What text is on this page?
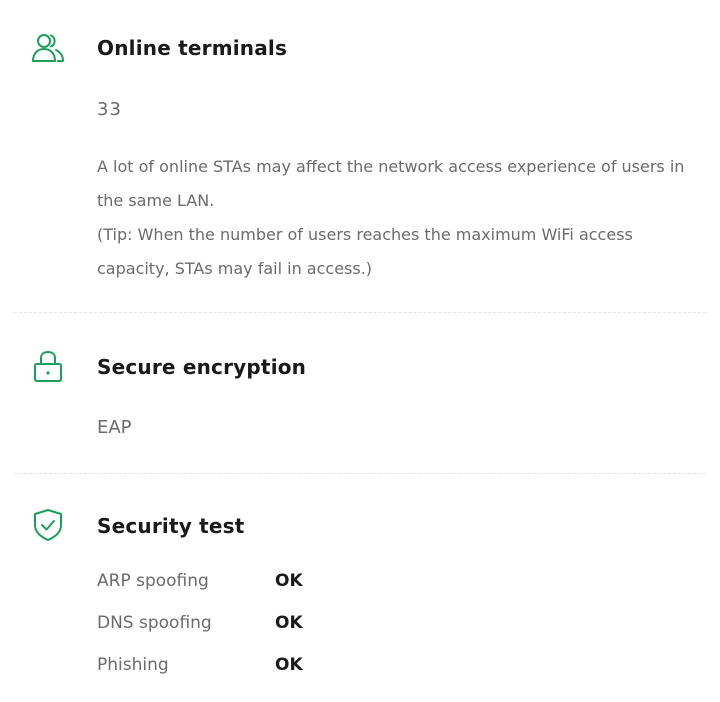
Online terminals
33

A lot of online STAs may affect the network access experience of users in the same LAN.

(Tip: When the number of users reaches the maximum WiFi access capacity, STAs may fail in access.)

Secure encryption
EAP
Security test
ARP spoofing	OK
DNS spoofing	OK
Phishing	OK
